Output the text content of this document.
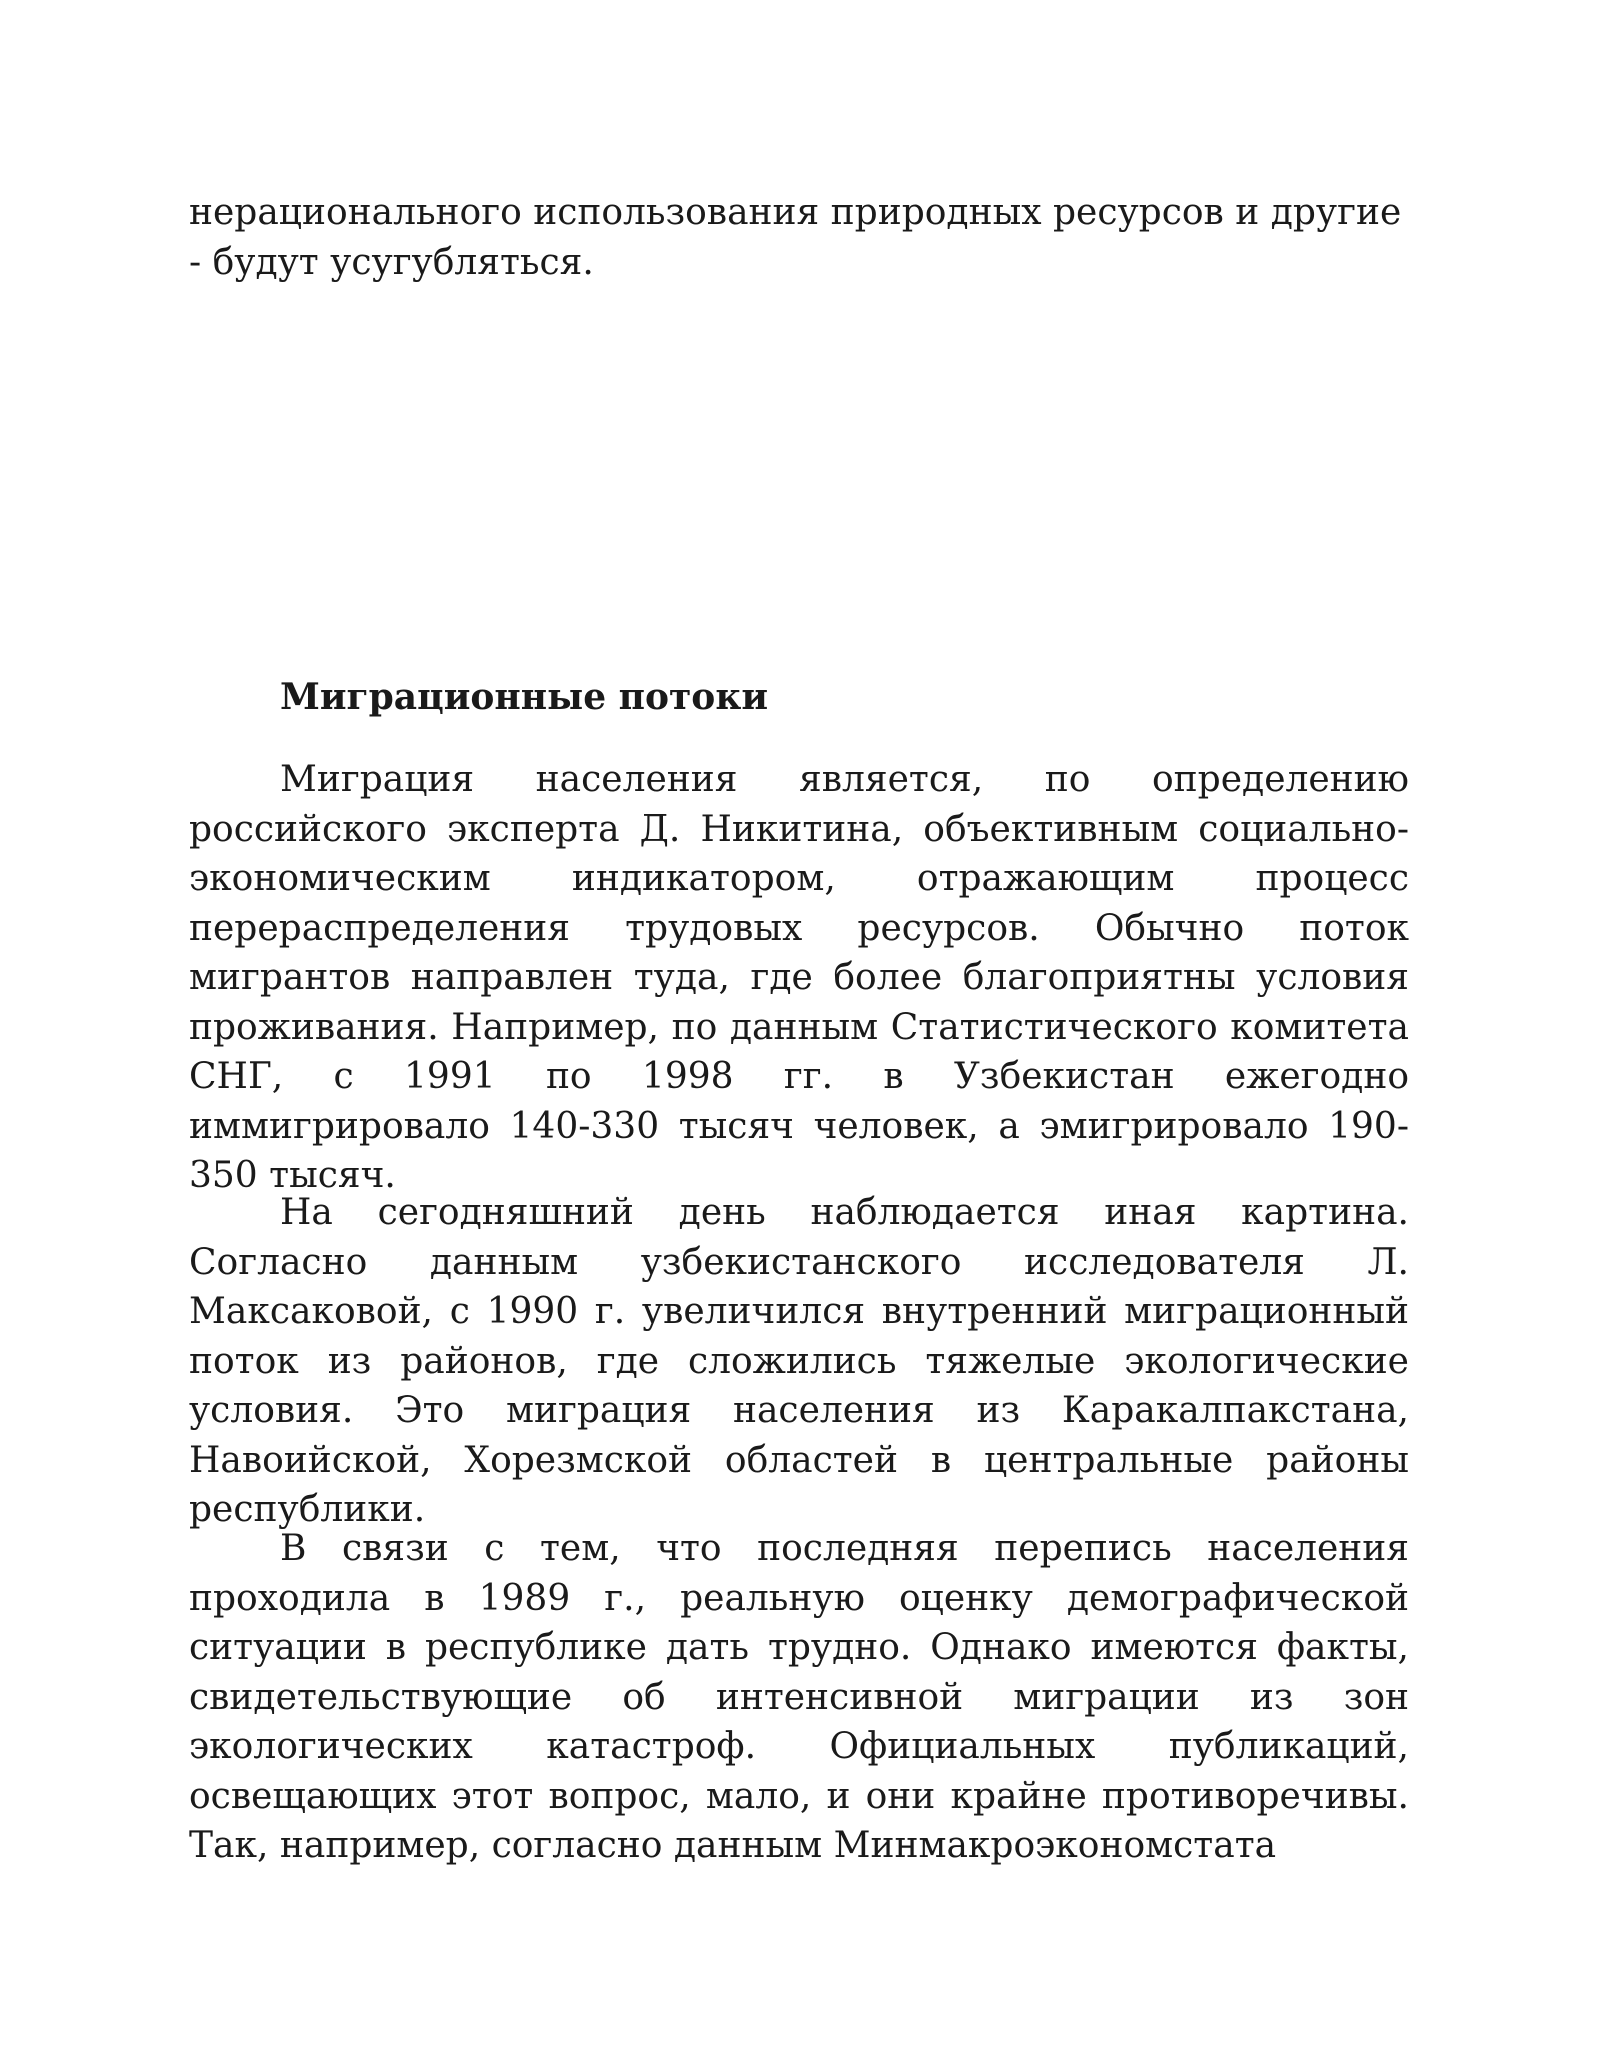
нерационального использования природных ресурсов и другие - будут усугубляться.

Миграционные потоки

Миграция населения является, по определению российского эксперта Д. Никитина, объективным социально-экономическим индикатором, отражающим процесс перераспределения трудовых ресурсов. Обычно поток мигрантов направлен туда, где более благоприятны условия проживания. Например, по данным Статистического комитета СНГ, с 1991 по 1998 гг. в Узбекистан ежегодно иммигрировало 140-330 тысяч человек, а эмигрировало 190-350 тысяч.

На сегодняшний день наблюдается иная картина. Согласно данным узбекистанского исследователя Л. Максаковой, с 1990 г. увеличился внутренний миграционный поток из районов, где сложились тяжелые экологические условия. Это миграция населения из Каракалпакстана, Навоийской, Хорезмской областей в центральные районы республики.

В связи с тем, что последняя перепись населения проходила в 1989 г., реальную оценку демографической ситуации в республике дать трудно. Однако имеются факты, свидетельствующие об интенсивной миграции из зон экологических катастроф. Официальных публикаций, освещающих этот вопрос, мало, и они крайне противоречивы. Так, например, согласно данным Минмакроэкономстата
